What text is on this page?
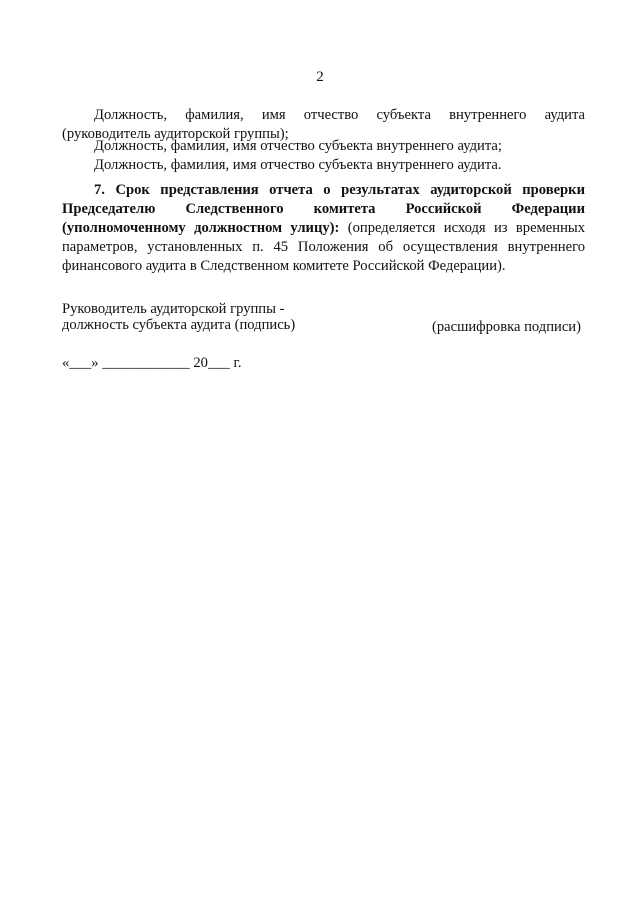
2
Должность, фамилия, имя отчество субъекта внутреннего аудита (руководитель аудиторской группы);
Должность, фамилия, имя отчество субъекта внутреннего аудита;
Должность, фамилия, имя отчество субъекта внутреннего аудита.
7. Срок представления отчета о результатах аудиторской проверки Председателю Следственного комитета Российской Федерации (уполномоченному должностном улицу): (определяется исходя из временных параметров, установленных п. 45 Положения об осуществления внутреннего финансового аудита в Следственном комитете Российской Федерации).
Руководитель аудиторской группы -
должность субъекта аудита (подпись)	(расшифровка подписи)
«___» ____________ 20___ г.
